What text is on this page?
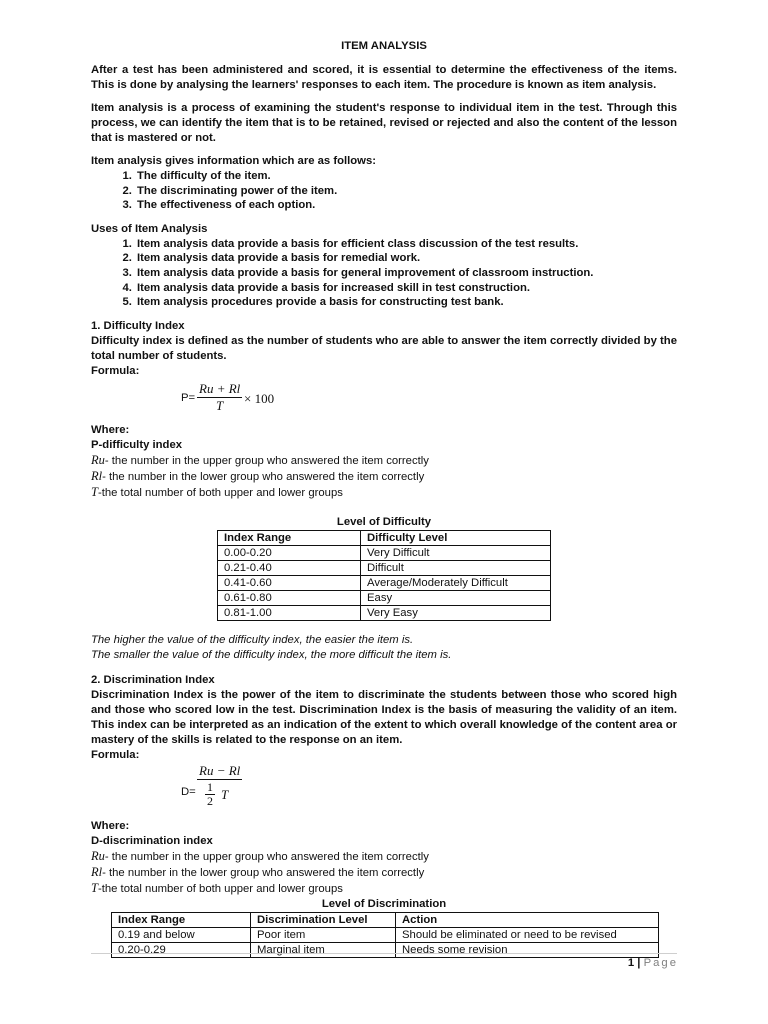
ITEM ANALYSIS

After a test has been administered and scored, it is essential to determine the effectiveness of the items. This is done by analysing the learners' responses to each item. The procedure is known as item analysis.

Item analysis is a process of examining the student's response to individual item in the test. Through this process, we can identify the item that is to be retained, revised or rejected and also the content of the lesson that is mastered or not.

Item analysis gives information which are as follows:
1. The difficulty of the item.
2. The discriminating power of the item.
3. The effectiveness of each option.
Uses of Item Analysis
1. Item analysis data provide a basis for efficient class discussion of the test results.
2. Item analysis data provide a basis for remedial work.
3. Item analysis data provide a basis for general improvement of classroom instruction.
4. Item analysis data provide a basis for increased skill in test construction.
5. Item analysis procedures provide a basis for constructing test bank.
1. Difficulty Index

Difficulty index is defined as the number of students who are able to answer the item correctly divided by the total number of students.

Formula:
$P= \frac{Ru + Rl}{T} \times 100$
Where:
P-difficulty index
Ru- the number in the upper group who answered the item correctly
Rl- the number in the lower group who answered the item correctly
T-the total number of both upper and lower groups
Level of Difficulty
Index Range	Difficulty Level
0.00-0.20	Very Difficult
0.21-0.40	Difficult
0.41-0.60	Average/Moderately Difficult
0.61-0.80	Easy
0.81-1.00	Very Easy

The higher the value of the difficulty index, the easier the item is.

The smaller the value of the difficulty index, the more difficult the item is.

2. Discrimination Index

Discrimination Index is the power of the item to discriminate the students between those who scored high and those who scored low in the test. Discrimination Index is the basis of measuring the validity of an item. This index can be interpreted as an indication of the extent to which overall knowledge of the content area or mastery of the skills is related to the response on an item.

Formula:
$D= \frac{Ru - Rl}{\frac{1}{2} T}$
Where:
D-discrimination index
Ru- the number in the upper group who answered the item correctly
Rl- the number in the lower group who answered the item correctly
T-the total number of both upper and lower groups
Level of Discrimination
Index Range	Discrimination Level	Action
0.19 and below	Poor item	Should be eliminated or need to be revised
0.20-0.29	Marginal item	Needs some revision
1 | Page
